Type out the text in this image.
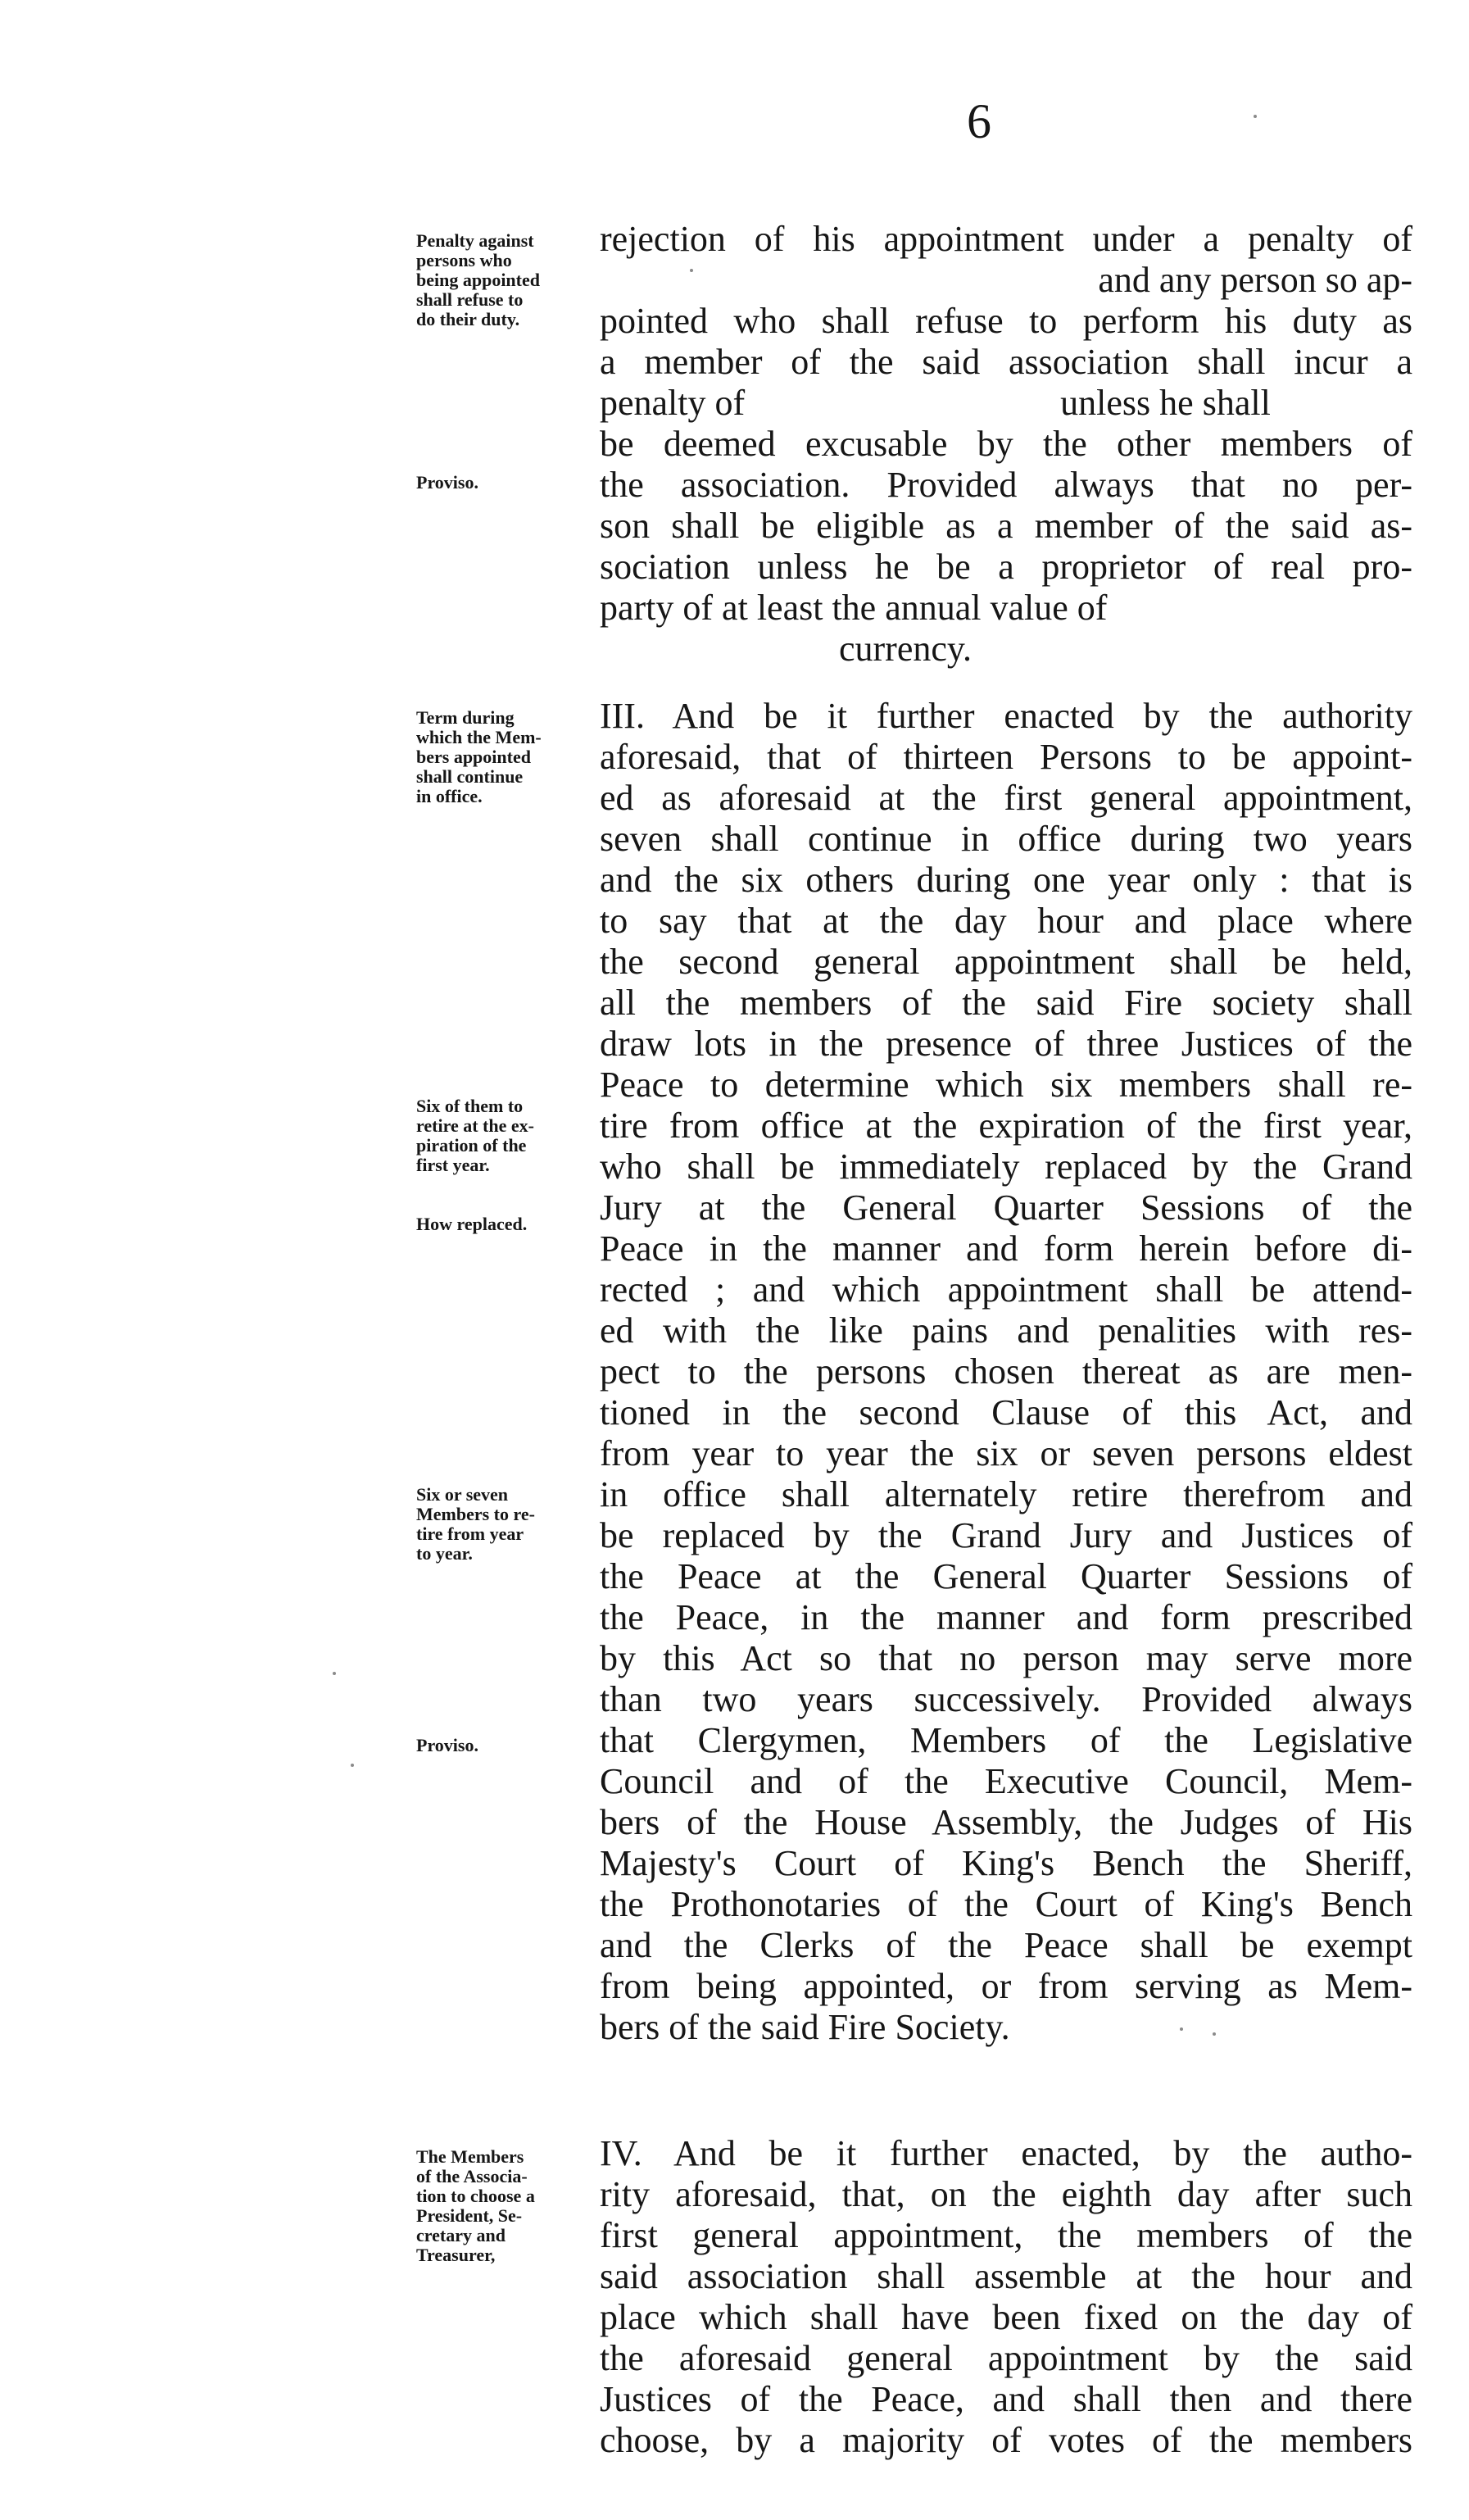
6
Penalty against
persons who
being appointed
shall refuse to
do their duty.
Proviso.
Term during
which the Mem-
bers appointed
shall continue
in office.
Six of them to
retire at the ex-
piration of the
first year.
How replaced.
Six or seven
Members to re-
tire from year
to year.
Proviso.
The Members
of the Associa-
tion to choose a
President, Se-
cretary and
Treasurer,
rejection of his appointment under a penalty of
and any person so ap-
pointed who shall refuse to perform his duty as
a member of the said association shall incur a
penalty of                                   unless he shall
be deemed excusable by the other members of
the association. Provided always that no per-
son shall be eligible as a member of the said as-
sociation unless he be a proprietor of real pro-
party of at least the annual value of
currency.
III. And be it further enacted by the authority
aforesaid, that of thirteen Persons to be appoint-
ed as aforesaid at the first general appointment,
seven shall continue in office during two years
and the six others during one year only : that is
to say that at the day hour and place where
the second general appointment shall be held,
all the members of the said Fire society shall
draw lots in the presence of three Justices of the
Peace to determine which six members shall re-
tire from office at the expiration of the first year,
who shall be immediately replaced by the Grand
Jury at the General Quarter Sessions of the
Peace in the manner and form herein before di-
rected ; and which appointment shall be attend-
ed with the like pains and penalities with res-
pect to the persons chosen thereat as are men-
tioned in the second Clause of this Act, and
from year to year the six or seven persons eldest
in office shall alternately retire therefrom and
be replaced by the Grand Jury and Justices of
the Peace at the General Quarter Sessions of
the Peace, in the manner and form prescribed
by this Act so that no person may serve more
than two years successively. Provided always
that Clergymen, Members of the Legislative
Council and of the Executive Council, Mem-
bers of the House Assembly, the Judges of His
Majesty's Court of King's Bench the Sheriff,
the Prothonotaries of the Court of King's Bench
and the Clerks of the Peace shall be exempt
from being appointed, or from serving as Mem-
bers of the said Fire Society.
IV. And be it further enacted, by the autho-
rity aforesaid, that, on the eighth day after such
first general appointment, the members of the
said association shall assemble at the hour and
place which shall have been fixed on the day of
the aforesaid general appointment by the said
Justices of the Peace, and shall then and there
choose, by a majority of votes of the members
